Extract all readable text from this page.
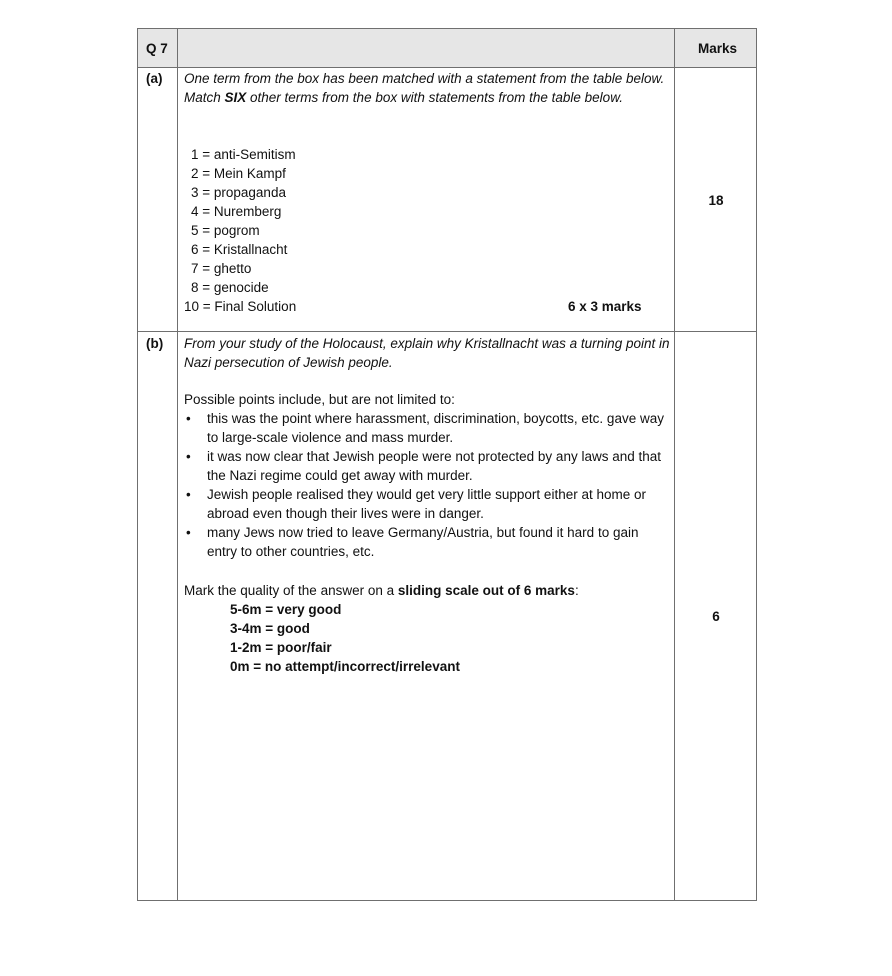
Q 7	Marks
(a) One term from the box has been matched with a statement from the table below. Match SIX other terms from the box with statements from the table below.
1 = anti-Semitism
2 = Mein Kampf
3 = propaganda
4 = Nuremberg
5 = pogrom
6 = Kristallnacht
7 = ghetto
8 = genocide
10 = Final Solution	6 x 3 marks
18
(b) From your study of the Holocaust, explain why Kristallnacht was a turning point in Nazi persecution of Jewish people.
Possible points include, but are not limited to:
• this was the point where harassment, discrimination, boycotts, etc. gave way to large-scale violence and mass murder.
• it was now clear that Jewish people were not protected by any laws and that the Nazi regime could get away with murder.
• Jewish people realised they would get very little support either at home or abroad even though their lives were in danger.
• many Jews now tried to leave Germany/Austria, but found it hard to gain entry to other countries, etc.
Mark the quality of the answer on a sliding scale out of 6 marks:
5-6m = very good
3-4m = good
1-2m = poor/fair
0m = no attempt/incorrect/irrelevant
6
